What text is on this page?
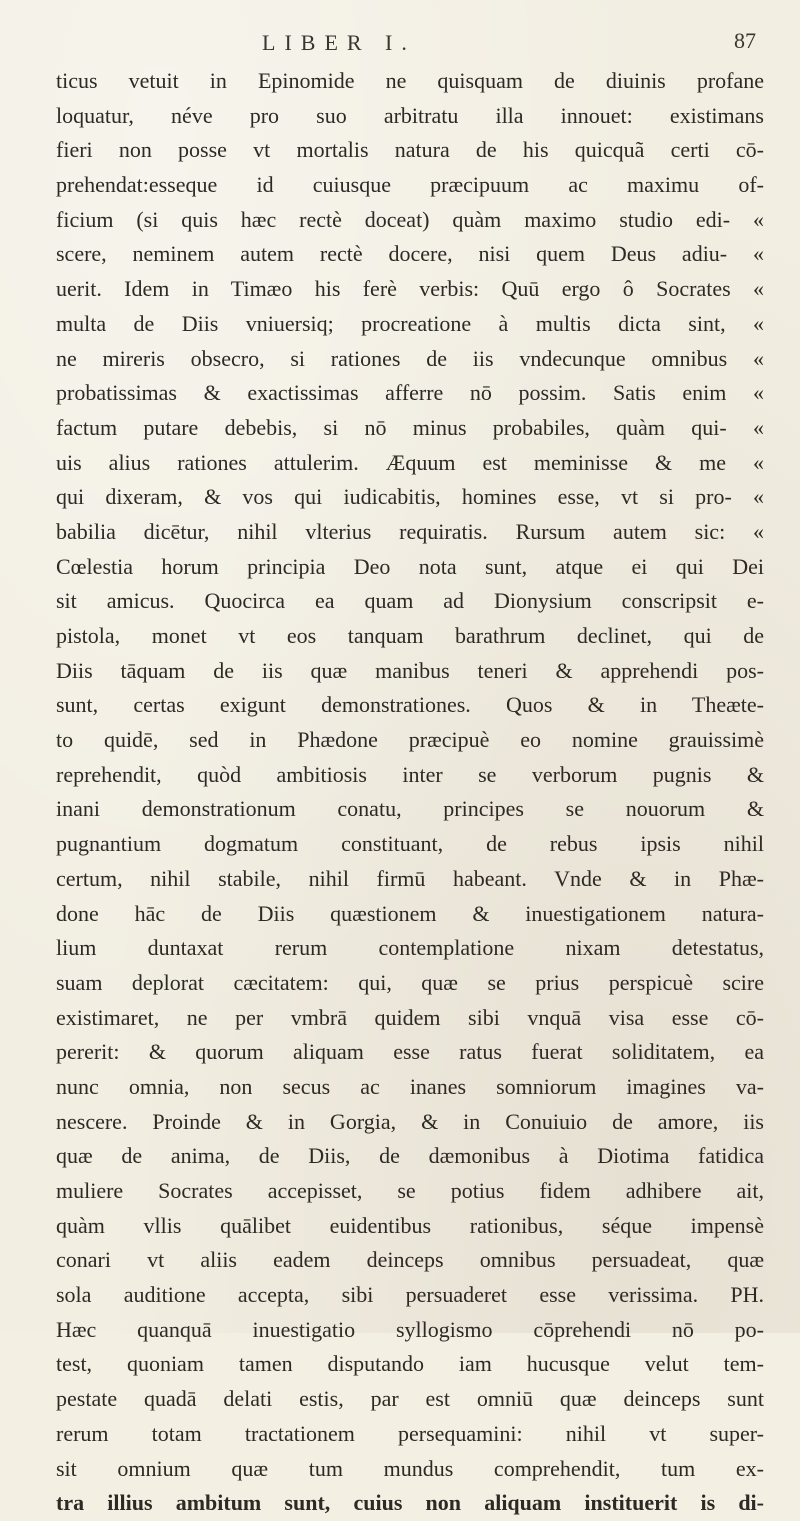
LIBER I.	87
ticus vetuit in Epinomide ne quisquam de diuinis profane
loquatur, néve pro suo arbitratu illa innouet: existimans
fieri non posse vt mortalis natura de his quicquã certi cō-
prehendat:esseque id cuiusque præcipuum ac maximu of-
ficium (si quis hæc rectè doceat) quàm maximo studio edi- «
scere, neminem autem rectè docere, nisi quem Deus adiu- «
uerit. Idem in Timæo his ferè verbis: Quū ergo ô Socrates «
multa de Diis vniuersiq; procreatione à multis dicta sint, «
ne mireris obsecro, si rationes de iis vndecunque omnibus «
probatissimas & exactissimas afferre nō possim. Satis enim «
factum putare debebis, si nō minus probabiles, quàm qui- «
uis alius rationes attulerim. Æquum est meminisse & me «
qui dixeram, & vos qui iudicabitis, homines esse, vt si pro- «
babilia dicētur, nihil vlterius requiratis. Rursum autem sic: «
Cœlestia horum principia Deo nota sunt, atque ei qui Dei
sit amicus. Quocirca ea quam ad Dionysium conscripsit e-
pistola, monet vt eos tanquam barathrum declinet, qui de
Diis tāquam de iis quæ manibus teneri & apprehendi pos-
sunt, certas exigunt demonstrationes. Quos & in Theæte-
to quidē, sed in Phædone præcipuè eo nomine grauissimè
reprehendit, quòd ambitiosis inter se verborum pugnis &
inani demonstrationum conatu, principes se nouorum &
pugnantium dogmatum constituant, de rebus ipsis nihil
certum, nihil stabile, nihil firmū habeant. Vnde & in Phæ-
done hāc de Diis quæstionem & inuestigationem natura-
lium duntaxat rerum contemplatione nixam detestatus,
suam deplorat cæcitatem: qui, quæ se prius perspicuè scire
existimaret, ne per vmbrā quidem sibi vnquā visa esse cō-
pererit: & quorum aliquam esse ratus fuerat soliditatem, ea
nunc omnia, non secus ac inanes somniorum imagines va-
nescere. Proinde & in Gorgia, & in Conuiuio de amore, iis
quæ de anima, de Diis, de dæmonibus à Diotima fatidica
muliere Socrates accepisset, se potius fidem adhibere ait,
quàm vllis quālibet euidentibus rationibus, séque impensè
conari vt aliis eadem deinceps omnibus persuadeat, quæ
sola auditione accepta, sibi persuaderet esse verissima. PH.
Hæc quanquā inuestigatio syllogismo cōprehendi nō po-
test, quoniam tamen disputando iam hucusque velut tem-
pestate quadā delati estis, par est omniū quæ deinceps sunt
rerum totam tractationem persequamini: nihil vt super-
sit omnium quæ tum mundus comprehendit, tum ex-
tra illius ambitum sunt, cuius non aliquam instituerit is di-
